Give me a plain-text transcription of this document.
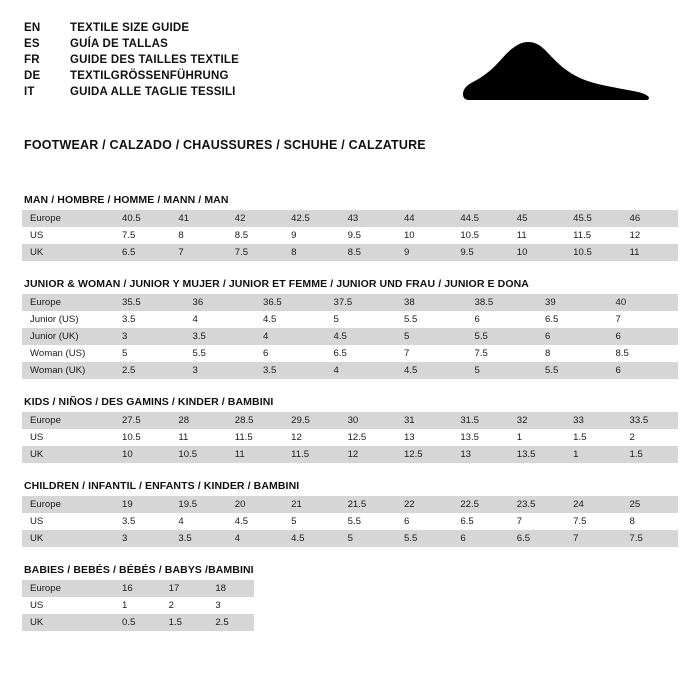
EN	TEXTILE SIZE GUIDE
ES	GUÍA DE TALLAS
FR	GUIDE DES TAILLES TEXTILE
DE	TEXTILGRÖSSENFÜHRUNG
IT	GUIDA ALLE TAGLIE TESSILI
FOOTWEAR / CALZADO / CHAUSSURES / SCHUHE / CALZATURE
MAN / HOMBRE / HOMME / MANN / MAN
Europe	40.5	41	42	42.5	43	44	44.5	45	45.5	46
US	7.5	8	8.5	9	9.5	10	10.5	11	11.5	12
UK	6.5	7	7.5	8	8.5	9	9.5	10	10.5	11
JUNIOR & WOMAN / JUNIOR Y MUJER / JUNIOR ET FEMME / JUNIOR UND FRAU / JUNIOR E DONA
Europe	35.5	36	36.5	37.5	38	38.5	39	40
Junior (US)	3.5	4	4.5	5	5.5	6	6.5	7
Junior (UK)	3	3.5	4	4.5	5	5.5	6	6
Woman (US)	5	5.5	6	6.5	7	7.5	8	8.5
Woman (UK)	2.5	3	3.5	4	4.5	5	5.5	6
KIDS / NIÑOS / DES GAMINS / KINDER / BAMBINI
Europe	27.5	28	28.5	29.5	30	31	31.5	32	33	33.5
US	10.5	11	11.5	12	12.5	13	13.5	1	1.5	2
UK	10	10.5	11	11.5	12	12.5	13	13.5	1	1.5
CHILDREN / INFANTIL / ENFANTS / KINDER / BAMBINI
Europe	19	19.5	20	21	21.5	22	22.5	23.5	24	25
US	3.5	4	4.5	5	5.5	6	6.5	7	7.5	8
UK	3	3.5	4	4.5	5	5.5	6	6.5	7	7.5
BABIES / BEBÉS / BÉBÉS / BABYS /BAMBINI
Europe	16	17	18
US	1	2	3
UK	0.5	1.5	2.5
